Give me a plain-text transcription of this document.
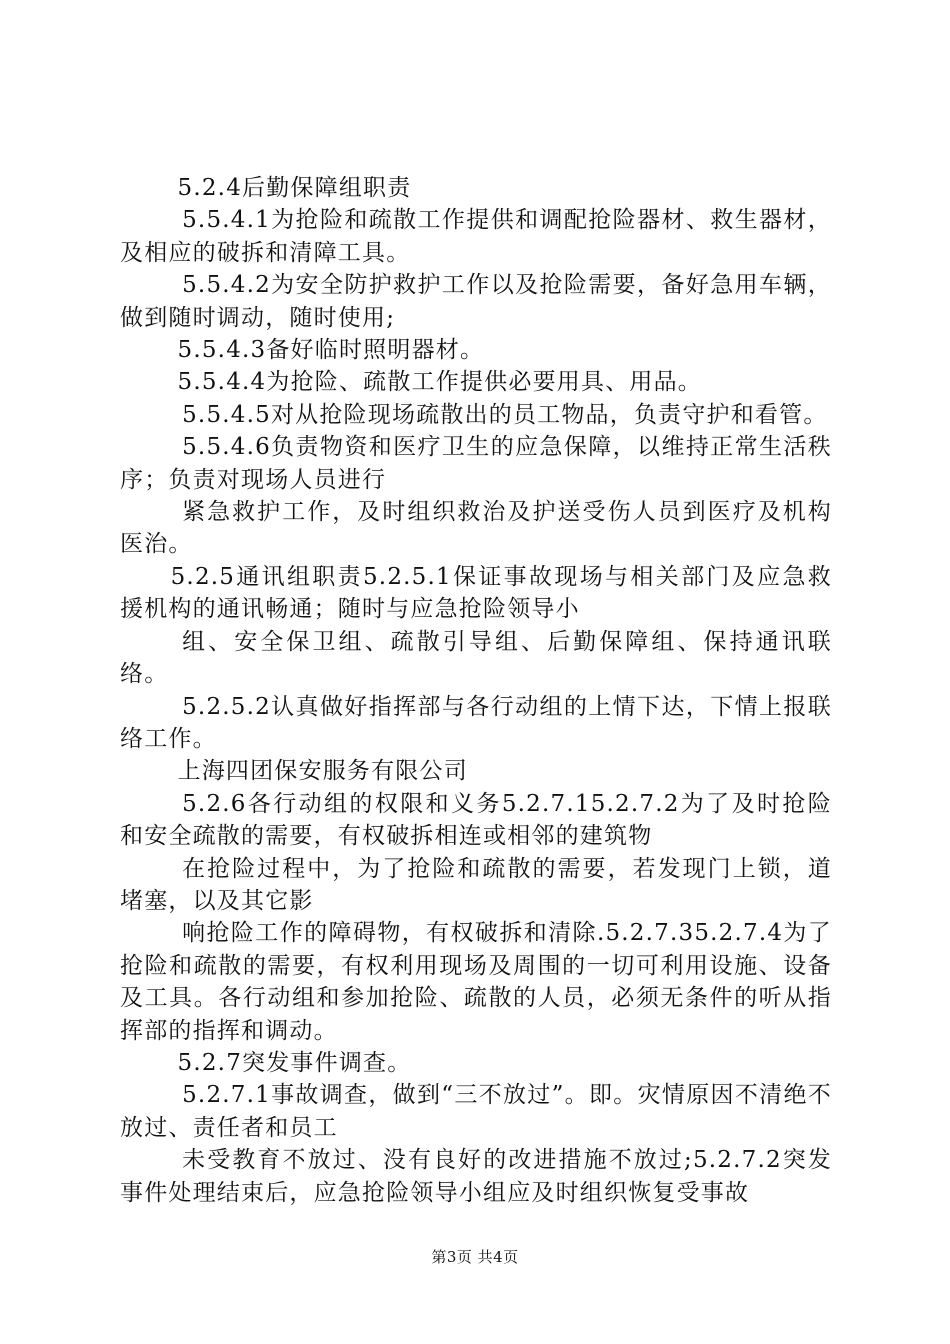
5.2.4后勤保障组职责

5.5.4.1为抢险和疏散工作提供和调配抢险器材、救生器材，及相应的破拆和清障工具。

5.5.4.2为安全防护救护工作以及抢险需要，备好急用车辆，做到随时调动，随时使用;

5.5.4.3备好临时照明器材。

5.5.4.4为抢险、疏散工作提供必要用具、用品。

5.5.4.5对从抢险现场疏散出的员工物品，负责守护和看管。

5.5.4.6负责物资和医疗卫生的应急保障，以维持正常生活秩序；负责对现场人员进行

紧急救护工作，及时组织救治及护送受伤人员到医疗及机构医治。

5.2.5通讯组职责5.2.5.1保证事故现场与相关部门及应急救援机构的通讯畅通；随时与应急抢险领导小

组、安全保卫组、疏散引导组、后勤保障组、保持通讯联络。

5.2.5.2认真做好指挥部与各行动组的上情下达，下情上报联络工作。

上海四团保安服务有限公司

5.2.6各行动组的权限和义务5.2.7.15.2.7.2为了及时抢险和安全疏散的需要，有权破拆相连或相邻的建筑物

在抢险过程中，为了抢险和疏散的需要，若发现门上锁，道堵塞，以及其它影

响抢险工作的障碍物，有权破拆和清除.5.2.7.35.2.7.4为了抢险和疏散的需要，有权利用现场及周围的一切可利用设施、设备及工具。各行动组和参加抢险、疏散的人员，必须无条件的听从指挥部的指挥和调动。

5.2.7突发事件调查。

5.2.7.1事故调查，做到“三不放过”。即。灾情原因不清绝不放过、责任者和员工

未受教育不放过、没有良好的改进措施不放过;5.2.7.2突发事件处理结束后，应急抢险领导小组应及时组织恢复受事故

第3页 共4页
